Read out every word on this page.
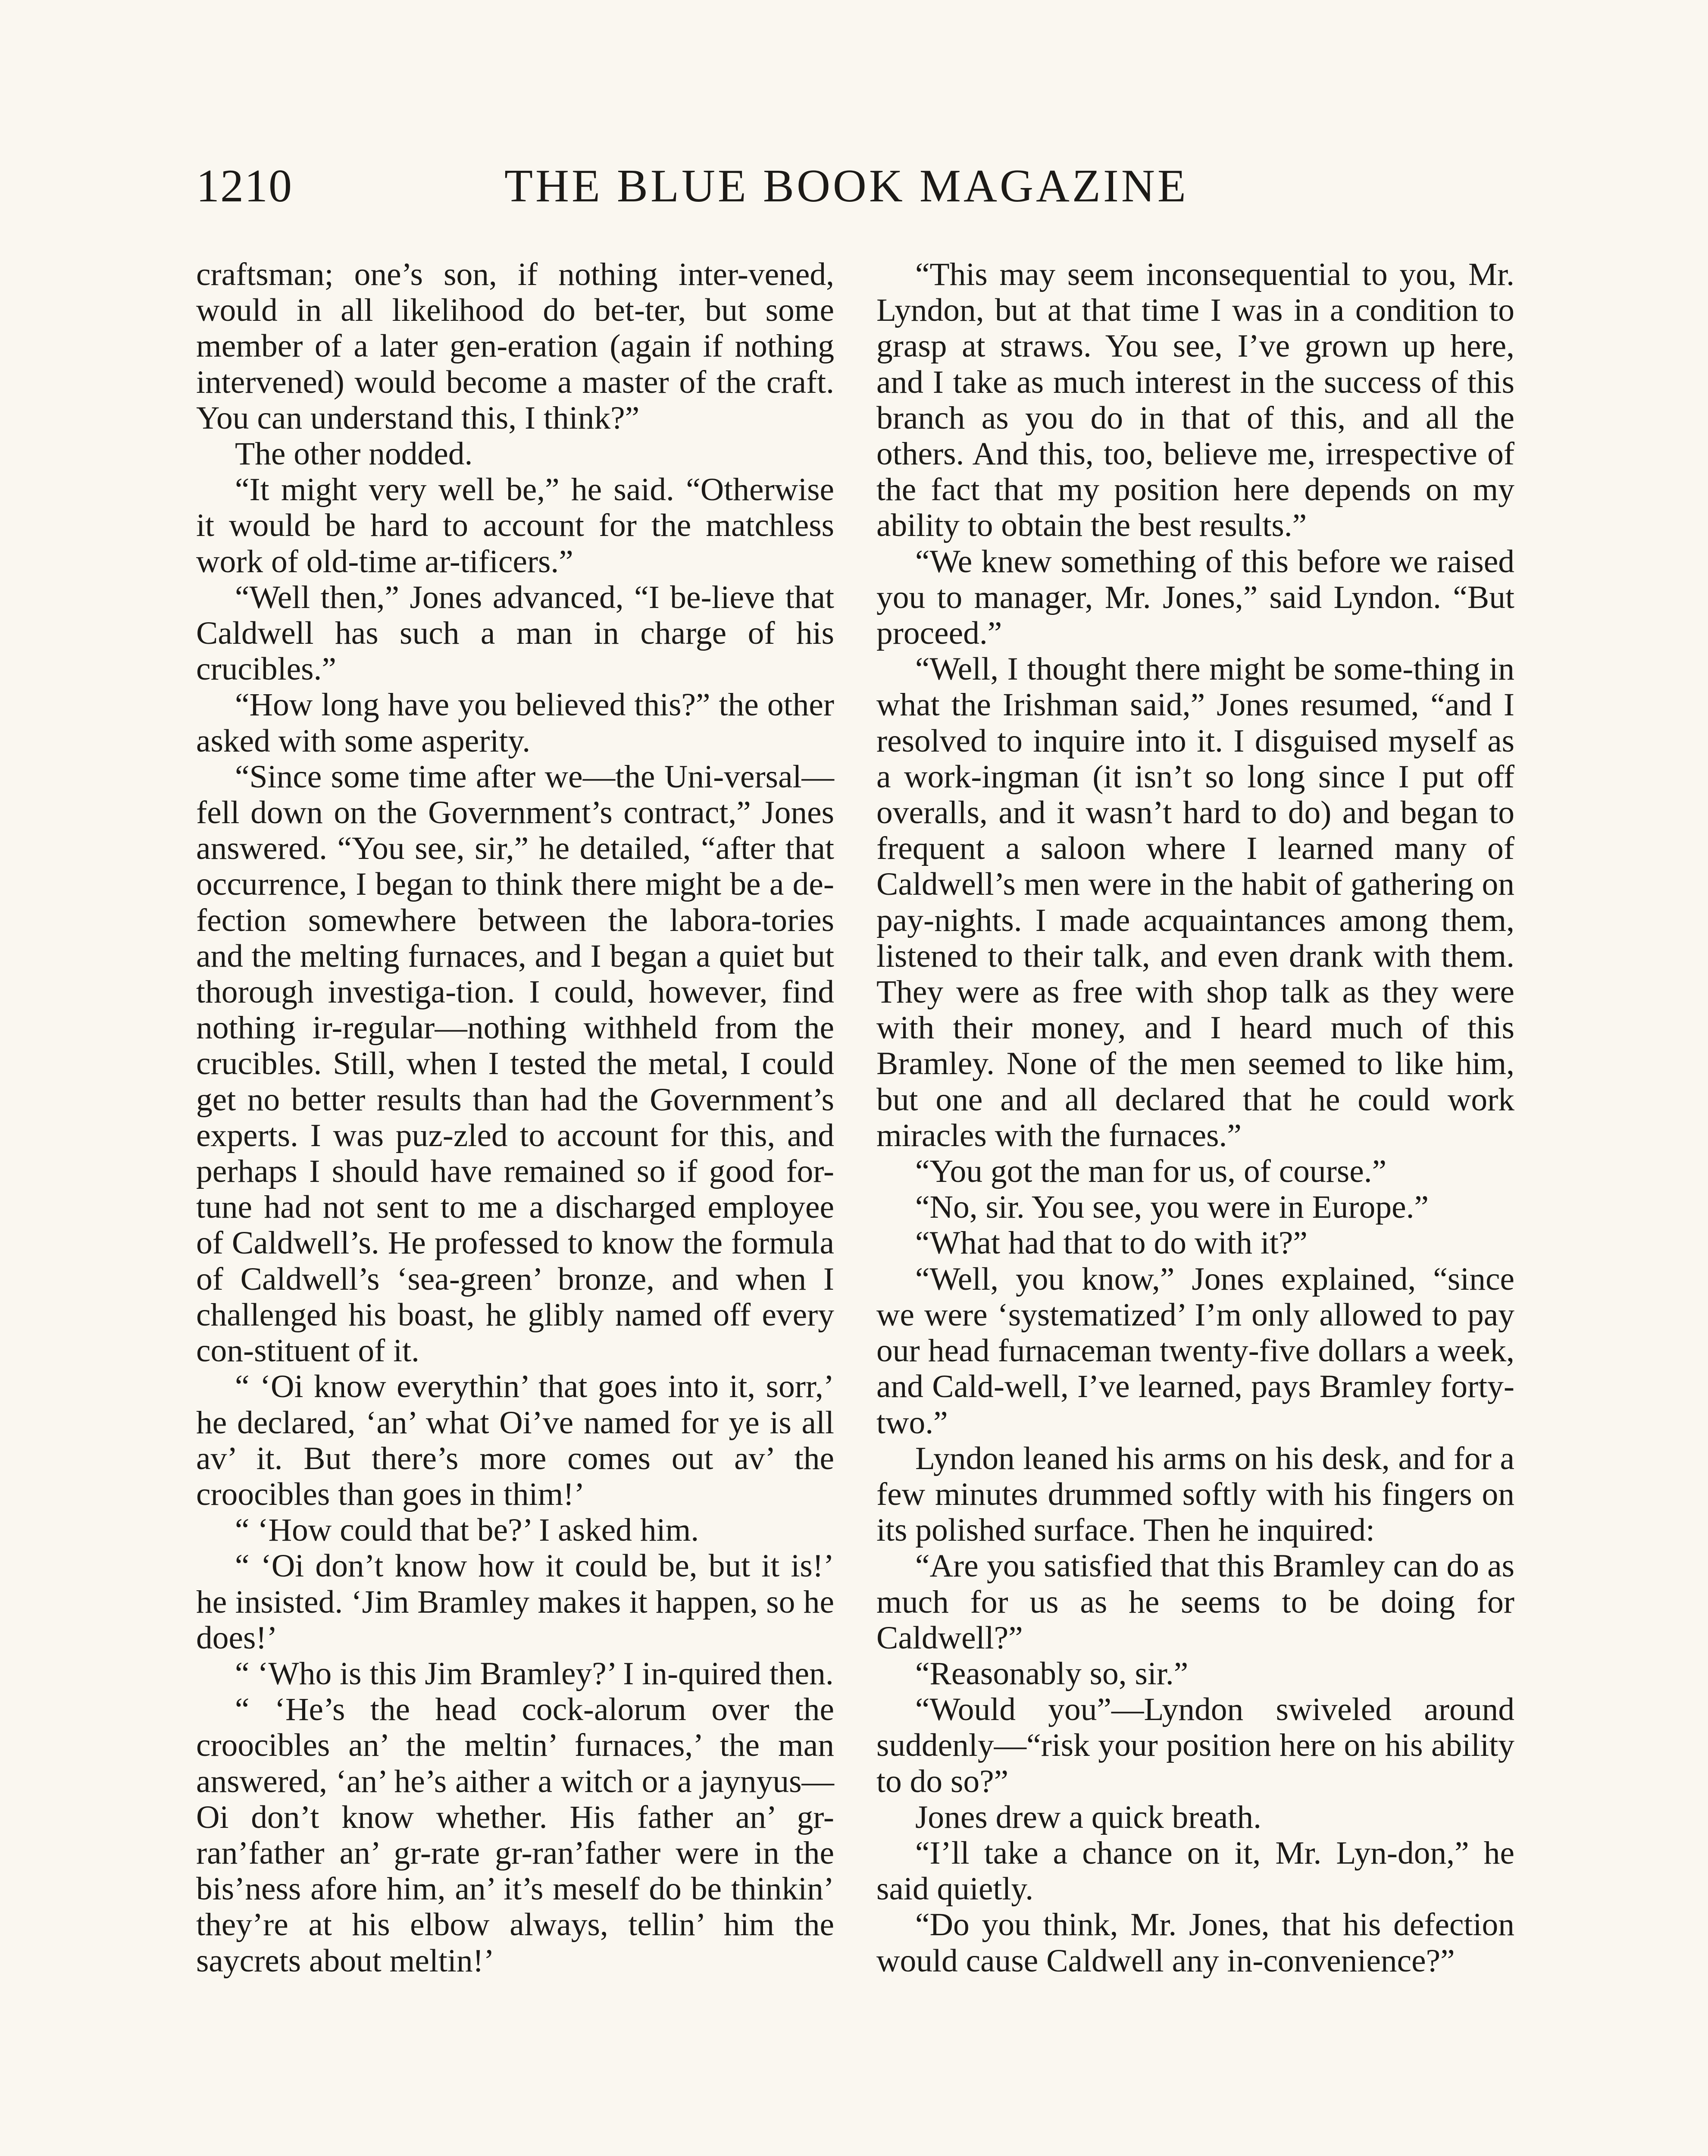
1210	THE BLUE BOOK MAGAZINE

craftsman; one’s son, if nothing inter-vened, would in all likelihood do bet-ter, but some member of a later gen-eration (again if nothing intervened) would become a master of the craft. You can understand this, I think?”

The other nodded.

“It might very well be,” he said. “Otherwise it would be hard to account for the matchless work of old-time ar-tificers.”

“Well then,” Jones advanced, “I be-lieve that Caldwell has such a man in charge of his crucibles.”

“How long have you believed this?” the other asked with some asperity.

“Since some time after we—the Uni-versal—fell down on the Government’s contract,” Jones answered. “You see, sir,” he detailed, “after that occurrence, I began to think there might be a de-fection somewhere between the labora-tories and the melting furnaces, and I began a quiet but thorough investiga-tion. I could, however, find nothing ir-regular—nothing withheld from the crucibles. Still, when I tested the metal, I could get no better results than had the Government’s experts. I was puz-zled to account for this, and perhaps I should have remained so if good for-tune had not sent to me a discharged employee of Caldwell’s. He professed to know the formula of Caldwell’s ‘sea-green’ bronze, and when I challenged his boast, he glibly named off every con-stituent of it.

“ ‘Oi know everythin’ that goes into it, sorr,’ he declared, ‘an’ what Oi’ve named for ye is all av’ it. But there’s more comes out av’ the croocibles than goes in thim!’

“ ‘How could that be?’ I asked him.

“ ‘Oi don’t know how it could be, but it is!’ he insisted. ‘Jim Bramley makes it happen, so he does!’

“ ‘Who is this Jim Bramley?’ I in-quired then.

“ ‘He’s the head cock-alorum over the croocibles an’ the meltin’ furnaces,’ the man answered, ‘an’ he’s aither a witch or a jaynyus—Oi don’t know whether. His father an’ gr-ran’father an’ gr-rate gr-ran’father were in the bis’ness afore him, an’ it’s meself do be thinkin’ they’re at his elbow always, tellin’ him the saycrets about meltin!’

“This may seem inconsequential to you, Mr. Lyndon, but at that time I was in a condition to grasp at straws. You see, I’ve grown up here, and I take as much interest in the success of this branch as you do in that of this, and all the others. And this, too, believe me, irrespective of the fact that my position here depends on my ability to obtain the best results.”

“We knew something of this before we raised you to manager, Mr. Jones,” said Lyndon. “But proceed.”

“Well, I thought there might be some-thing in what the Irishman said,” Jones resumed, “and I resolved to inquire into it. I disguised myself as a work-ingman (it isn’t so long since I put off overalls, and it wasn’t hard to do) and began to frequent a saloon where I learned many of Caldwell’s men were in the habit of gathering on pay-nights. I made acquaintances among them, listened to their talk, and even drank with them. They were as free with shop talk as they were with their money, and I heard much of this Bramley. None of the men seemed to like him, but one and all declared that he could work miracles with the furnaces.”

“You got the man for us, of course.”

“No, sir. You see, you were in Europe.”

“What had that to do with it?”

“Well, you know,” Jones explained, “since we were ‘systematized’ I’m only allowed to pay our head furnaceman twenty-five dollars a week, and Cald-well, I’ve learned, pays Bramley forty-two.”

Lyndon leaned his arms on his desk, and for a few minutes drummed softly with his fingers on its polished surface. Then he inquired:

“Are you satisfied that this Bramley can do as much for us as he seems to be doing for Caldwell?”

“Reasonably so, sir.”

“Would you”—Lyndon swiveled around suddenly—“risk your position here on his ability to do so?”

Jones drew a quick breath.

“I’ll take a chance on it, Mr. Lyn-don,” he said quietly.

“Do you think, Mr. Jones, that his defection would cause Caldwell any in-convenience?”
